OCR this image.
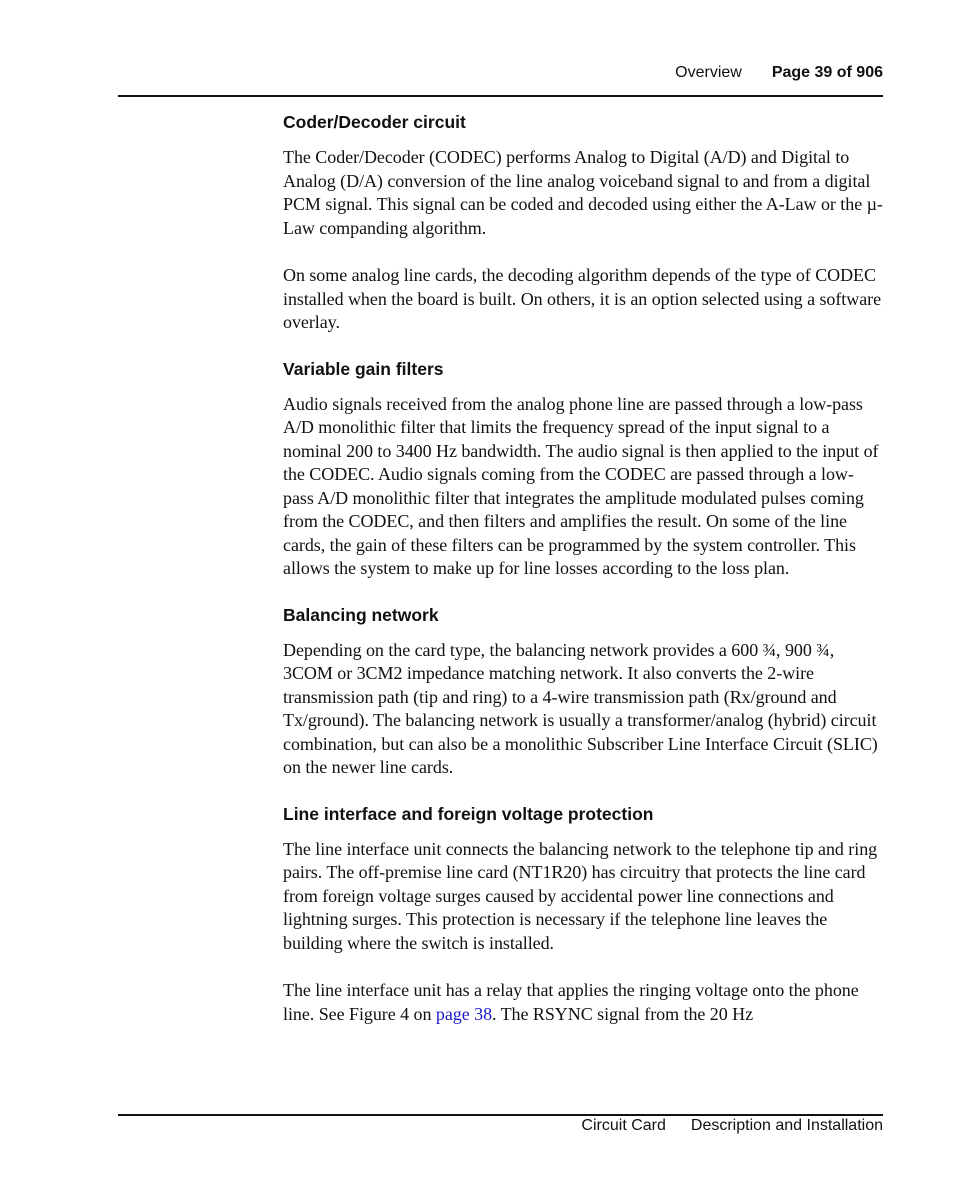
Overview Page 39 of 906
Coder/Decoder circuit

The Coder/Decoder (CODEC) performs Analog to Digital (A/D) and Digital to Analog (D/A) conversion of the line analog voiceband signal to and from a digital PCM signal. This signal can be coded and decoded using either the A-Law or the µ-Law companding algorithm.

On some analog line cards, the decoding algorithm depends of the type of CODEC installed when the board is built. On others, it is an option selected using a software overlay.

Variable gain filters

Audio signals received from the analog phone line are passed through a low-pass A/D monolithic filter that limits the frequency spread of the input signal to a nominal 200 to 3400 Hz bandwidth. The audio signal is then applied to the input of the CODEC. Audio signals coming from the CODEC are passed through a low-pass A/D monolithic filter that integrates the amplitude modulated pulses coming from the CODEC, and then filters and amplifies the result. On some of the line cards, the gain of these filters can be programmed by the system controller. This allows the system to make up for line losses according to the loss plan.

Balancing network

Depending on the card type, the balancing network provides a 600 ¾, 900 ¾, 3COM or 3CM2 impedance matching network. It also converts the 2-wire transmission path (tip and ring) to a 4-wire transmission path (Rx/ground and Tx/ground). The balancing network is usually a transformer/analog (hybrid) circuit combination, but can also be a monolithic Subscriber Line Interface Circuit (SLIC) on the newer line cards.

Line interface and foreign voltage protection

The line interface unit connects the balancing network to the telephone tip and ring pairs. The off-premise line card (NT1R20) has circuitry that protects the line card from foreign voltage surges caused by accidental power line connections and lightning surges. This protection is necessary if the telephone line leaves the building where the switch is installed.

The line interface unit has a relay that applies the ringing voltage onto the phone line. See Figure 4 on page 38. The RSYNC signal from the 20 Hz

Circuit Card Description and Installation
